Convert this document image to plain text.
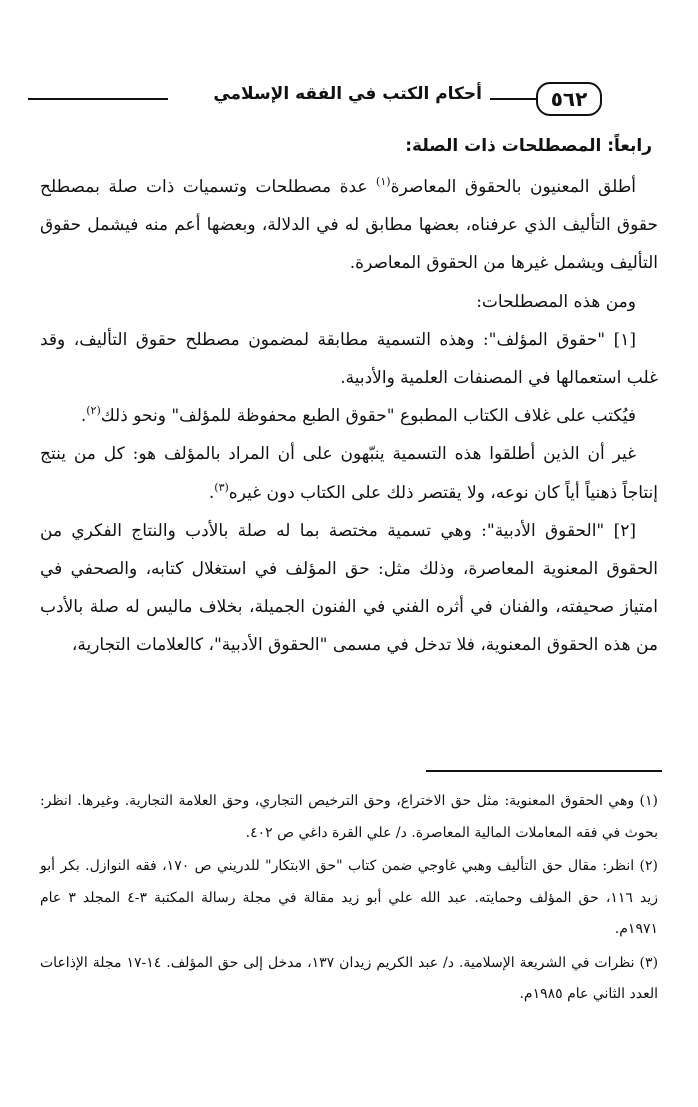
٥٦٢
أحكام الكتب في الفقه الإسلامي
رابعاً: المصطلحات ذات الصلة:

أطلق المعنيون بالحقوق المعاصرة$^{(١)}$ عدة مصطلحات وتسميات ذات صلة بمصطلح حقوق التأليف الذي عرفناه، بعضها مطابق له في الدلالة، وبعضها أعم منه فيشمل حقوق التأليف ويشمل غيرها من الحقوق المعاصرة.

ومن هذه المصطلحات:

[١] "حقوق المؤلف": وهذه التسمية مطابقة لمضمون مصطلح حقوق التأليف، وقد غلب استعمالها في المصنفات العلمية والأدبية.

فيُكتب على غلاف الكتاب المطبوع "حقوق الطبع محفوظة للمؤلف" ونحو ذلك$^{(٢)}$.

غير أن الذين أطلقوا هذه التسمية ينبّهون على أن المراد بالمؤلف هو: كل من ينتج إنتاجاً ذهنياً أياً كان نوعه، ولا يقتصر ذلك على الكتاب دون غيره$^{(٣)}$.

[٢] "الحقوق الأدبية": وهي تسمية مختصة بما له صلة بالأدب والنتاج الفكري من الحقوق المعنوية المعاصرة، وذلك مثل: حق المؤلف في استغلال كتابه، والصحفي في امتياز صحيفته، والفنان في أثره الفني في الفنون الجميلة، بخلاف ماليس له صلة بالأدب من هذه الحقوق المعنوية، فلا تدخل في مسمى "الحقوق الأدبية"، كالعلامات التجارية،

(١) وهي الحقوق المعنوية: مثل حق الاختراع، وحق الترخيص التجاري، وحق العلامة التجارية. وغيرها. انظر: بحوث في فقه المعاملات المالية المعاصرة. د/ علي القرة داغي ص ٤٠٢.

(٢) انظر: مقال حق التأليف وهبي غاوجي ضمن كتاب "حق الابتكار" للدريني ص ١٧٠، فقه النوازل. بكر أبو زيد ١١٦، حق المؤلف وحمايته. عبد الله علي أبو زيد مقالة في مجلة رسالة المكتبة ٣-٤ المجلد ٣ عام ١٩٧١م.

(٣) نظرات في الشريعة الإسلامية. د/ عبد الكريم زيدان ١٣٧، مدخل إلى حق المؤلف. ١٤-١٧ مجلة الإذاعات العدد الثاني عام ١٩٨٥م.
